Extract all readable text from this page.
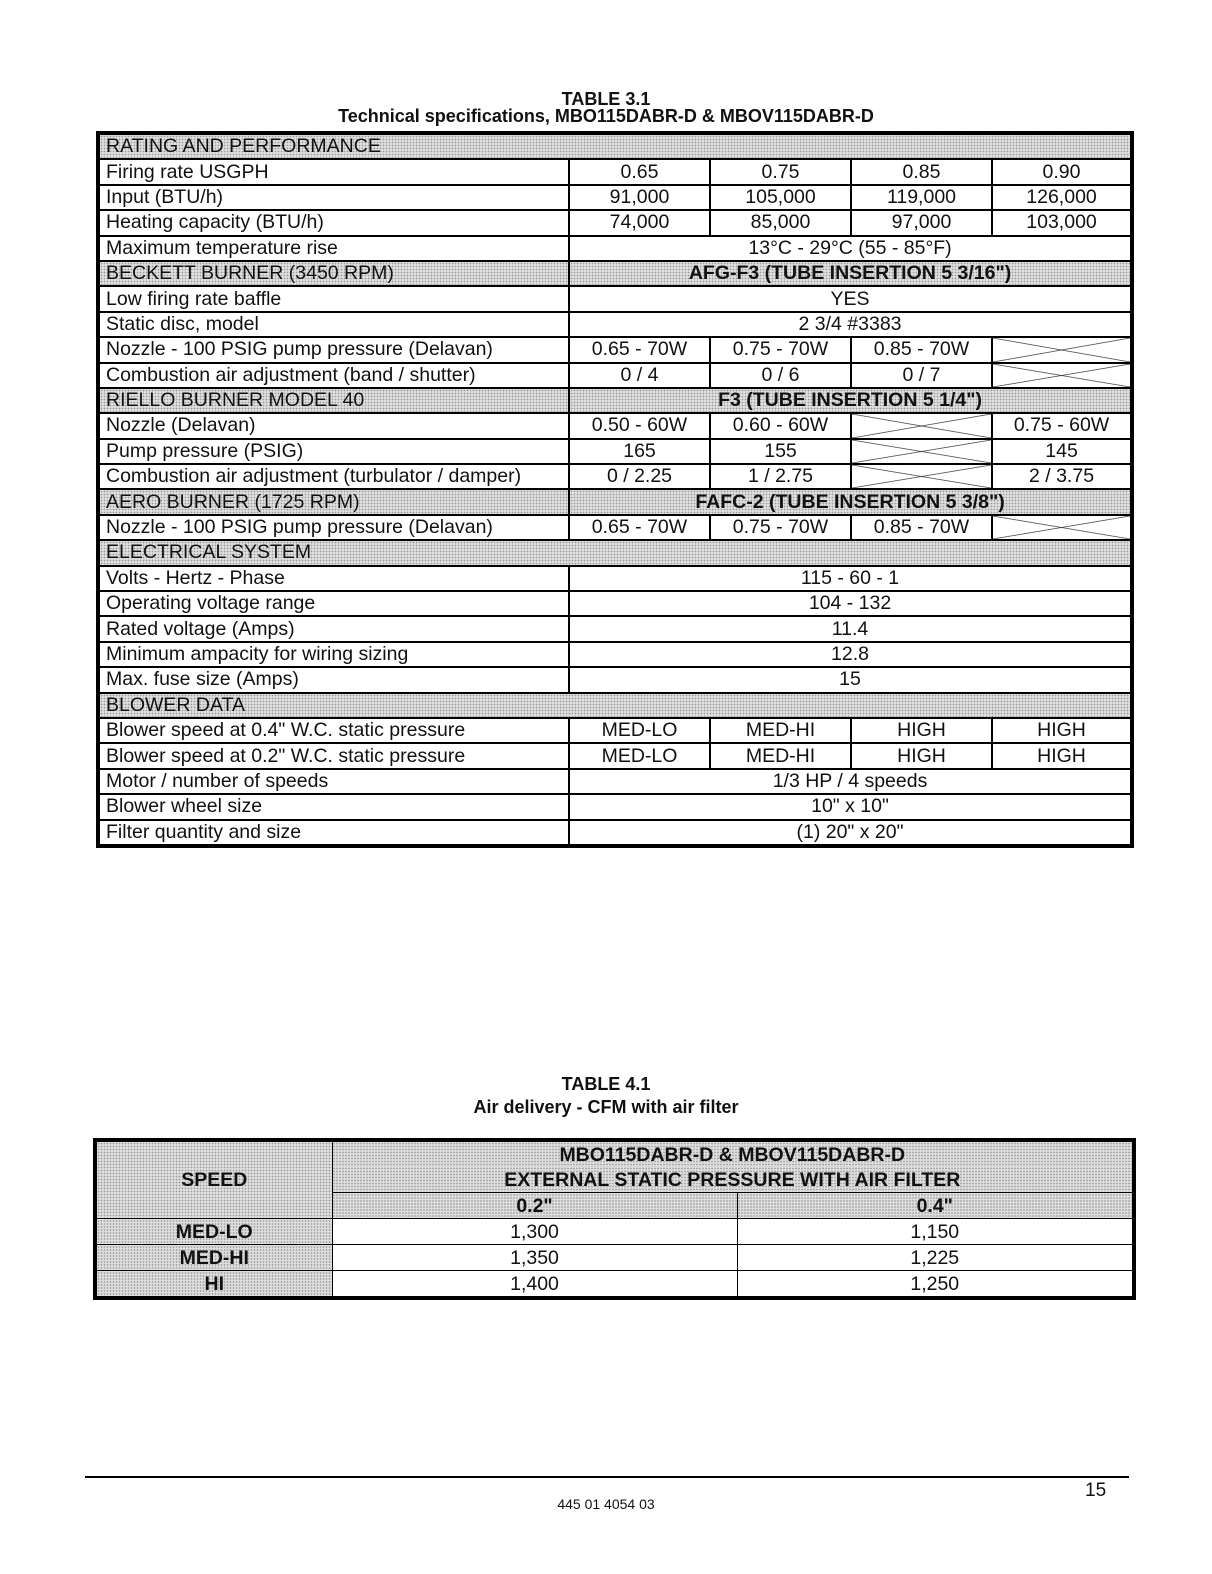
TABLE 3.1
Technical specifications, MBO115DABR-D & MBOV115DABR-D
RATING AND PERFORMANCE				
Firing rate USGPH	0.65	0.75	0.85	0.90
Input (BTU/h)	91,000	105,000	119,000	126,000
Heating capacity (BTU/h)	74,000	85,000	97,000	103,000
Maximum temperature rise	13°C - 29°C (55 - 85°F)			
BECKETT BURNER (3450 RPM)	AFG-F3 (TUBE INSERTION 5 3/16")			
Low firing rate baffle	YES			
Static disc, model	2 3/4 #3383			
Nozzle - 100 PSIG pump pressure (Delavan)	0.65 - 70W	0.75 - 70W	0.85 - 70W	
Combustion air adjustment (band / shutter)	0 / 4	0 / 6	0 / 7	
RIELLO BURNER MODEL 40	F3 (TUBE INSERTION 5 1/4")			
Nozzle (Delavan)	0.50 - 60W	0.60 - 60W		0.75 - 60W
Pump pressure (PSIG)	165	155		145
Combustion air adjustment (turbulator / damper)	0 / 2.25	1 / 2.75		2 / 3.75
AERO BURNER (1725 RPM)	FAFC-2 (TUBE INSERTION 5 3/8")			
Nozzle - 100 PSIG pump pressure (Delavan)	0.65 - 70W	0.75 - 70W	0.85 - 70W	
ELECTRICAL SYSTEM				
Volts - Hertz - Phase	115 - 60 - 1			
Operating voltage range	104 - 132			
Rated voltage (Amps)	11.4			
Minimum ampacity for wiring sizing	12.8			
Max. fuse size (Amps)	15			
BLOWER DATA				
Blower speed at 0.4" W.C. static pressure	MED-LO	MED-HI	HIGH	HIGH
Blower speed at 0.2" W.C. static pressure	MED-LO	MED-HI	HIGH	HIGH
Motor / number of speeds	1/3 HP / 4 speeds			
Blower wheel size	10" x 10"			
Filter quantity and size	(1) 20" x 20"			
TABLE 4.1
Air delivery - CFM with air filter
SPEED	MBO115DABR-D & MBOV115DABR-D	
	EXTERNAL STATIC PRESSURE WITH AIR FILTER	
	0.2"	0.4"
MED-LO	1,300	1,150
MED-HI	1,350	1,225
HI	1,400	1,250
15
445 01 4054 03
